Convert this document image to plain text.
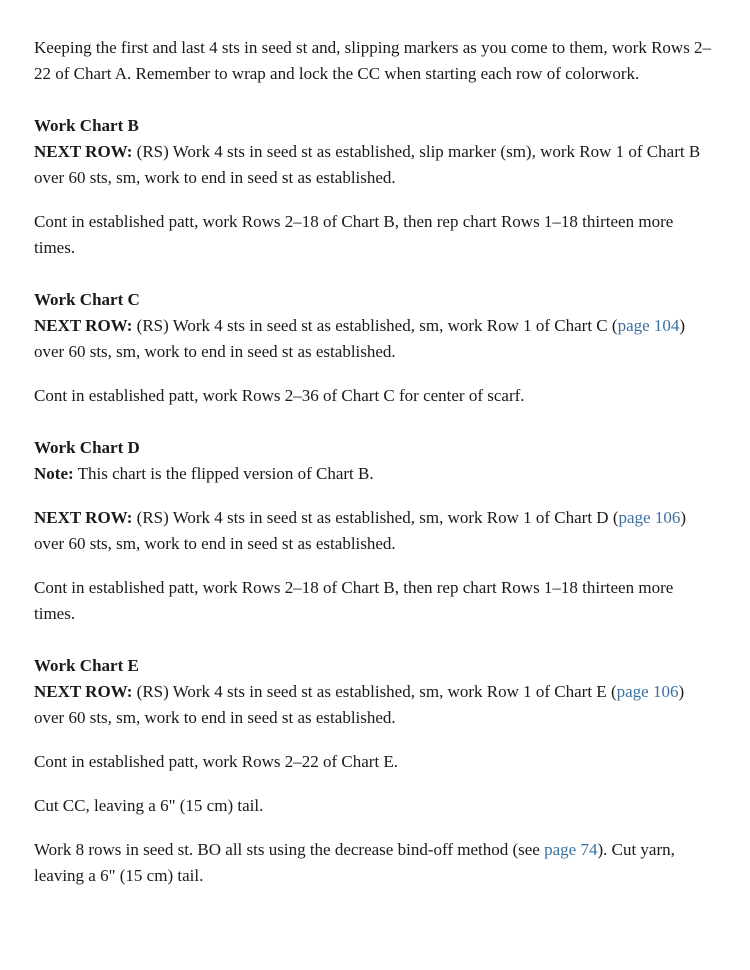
Keeping the first and last 4 sts in seed st and, slipping markers as you come to them, work Rows 2–22 of Chart A. Remember to wrap and lock the CC when starting each row of colorwork.

Work Chart B

NEXT ROW: (RS) Work 4 sts in seed st as established, slip marker (sm), work Row 1 of Chart B over 60 sts, sm, work to end in seed st as established.

Cont in established patt, work Rows 2–18 of Chart B, then rep chart Rows 1–18 thirteen more times.

Work Chart C

NEXT ROW: (RS) Work 4 sts in seed st as established, sm, work Row 1 of Chart C (page 104) over 60 sts, sm, work to end in seed st as established.

Cont in established patt, work Rows 2–36 of Chart C for center of scarf.

Work Chart D

Note: This chart is the flipped version of Chart B.

NEXT ROW: (RS) Work 4 sts in seed st as established, sm, work Row 1 of Chart D (page 106) over 60 sts, sm, work to end in seed st as established.

Cont in established patt, work Rows 2–18 of Chart B, then rep chart Rows 1–18 thirteen more times.

Work Chart E

NEXT ROW: (RS) Work 4 sts in seed st as established, sm, work Row 1 of Chart E (page 106) over 60 sts, sm, work to end in seed st as established.

Cont in established patt, work Rows 2–22 of Chart E.

Cut CC, leaving a 6" (15 cm) tail.

Work 8 rows in seed st. BO all sts using the decrease bind-off method (see page 74). Cut yarn, leaving a 6" (15 cm) tail.
